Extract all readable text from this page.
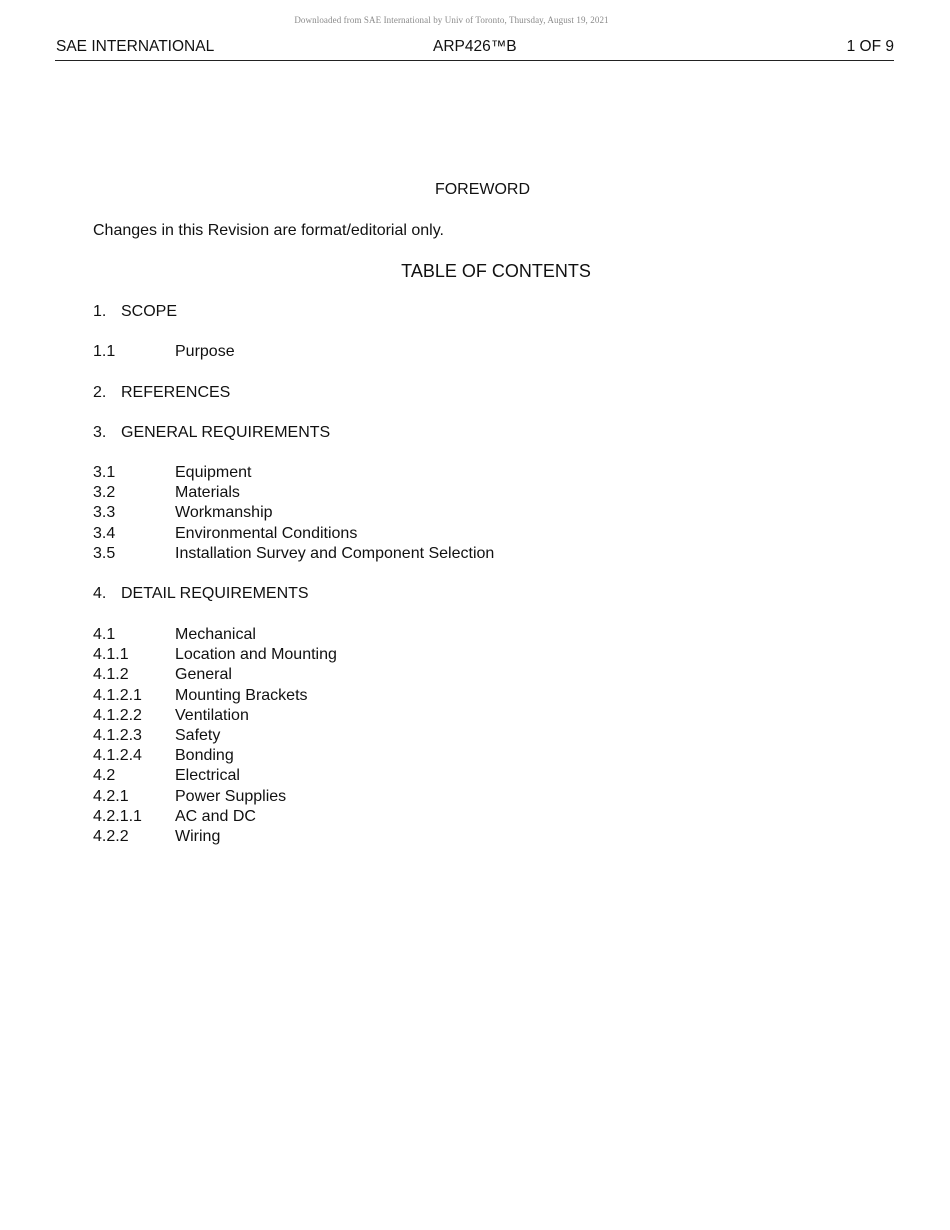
Downloaded from SAE International by Univ of Toronto, Thursday, August 19, 2021
SAE INTERNATIONAL	ARP426™B	1 OF 9
FOREWORD
Changes in this Revision are format/editorial only.
TABLE OF CONTENTS
1. SCOPE
1.1	Purpose
2. REFERENCES
3. GENERAL REQUIREMENTS
3.1	Equipment
3.2	Materials
3.3	Workmanship
3.4	Environmental Conditions
3.5	Installation Survey and Component Selection
4. DETAIL REQUIREMENTS
4.1	Mechanical
4.1.1	Location and Mounting
4.1.2	General
4.1.2.1 Mounting Brackets
4.1.2.2 Ventilation
4.1.2.3 Safety
4.1.2.4 Bonding
4.2	Electrical
4.2.1	Power Supplies
4.2.1.1 AC and DC
4.2.2	Wiring
